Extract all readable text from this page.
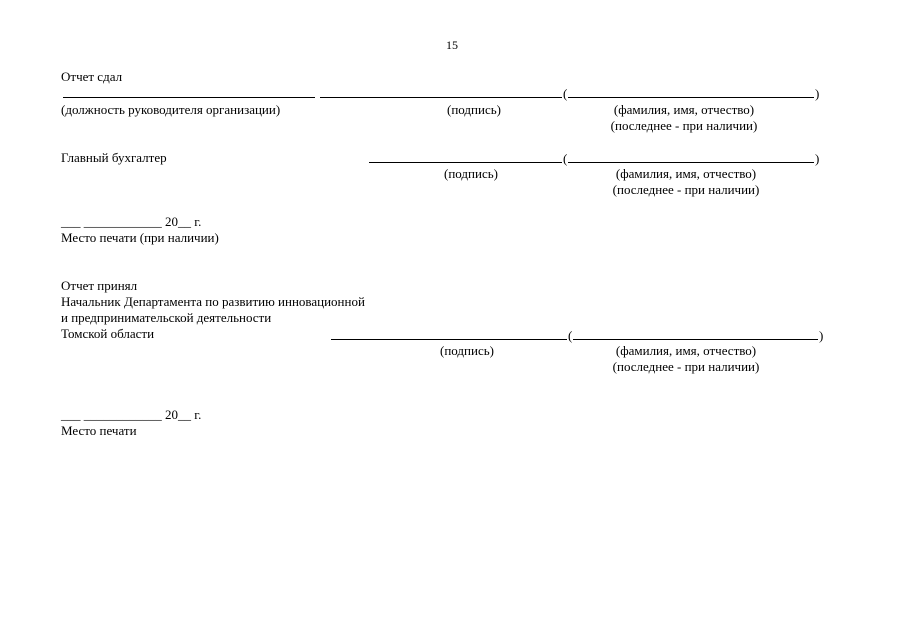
15
Отчет сдал
(	)
(должность руководителя организации)	(подпись)	(фамилия, имя, отчество)
(последнее - при наличии)
Главный бухгалтер	(	)
(подпись)	(фамилия, имя, отчество)
(последнее - при наличии)
___ ____________ 20__ г.
Место печати (при наличии)
Отчет принял
Начальник Департамента по развитию инновационной
и предпринимательской деятельности
Томской области	(	)
(подпись)	(фамилия, имя, отчество)
(последнее - при наличии)
___ ____________ 20__ г.
Место печати
